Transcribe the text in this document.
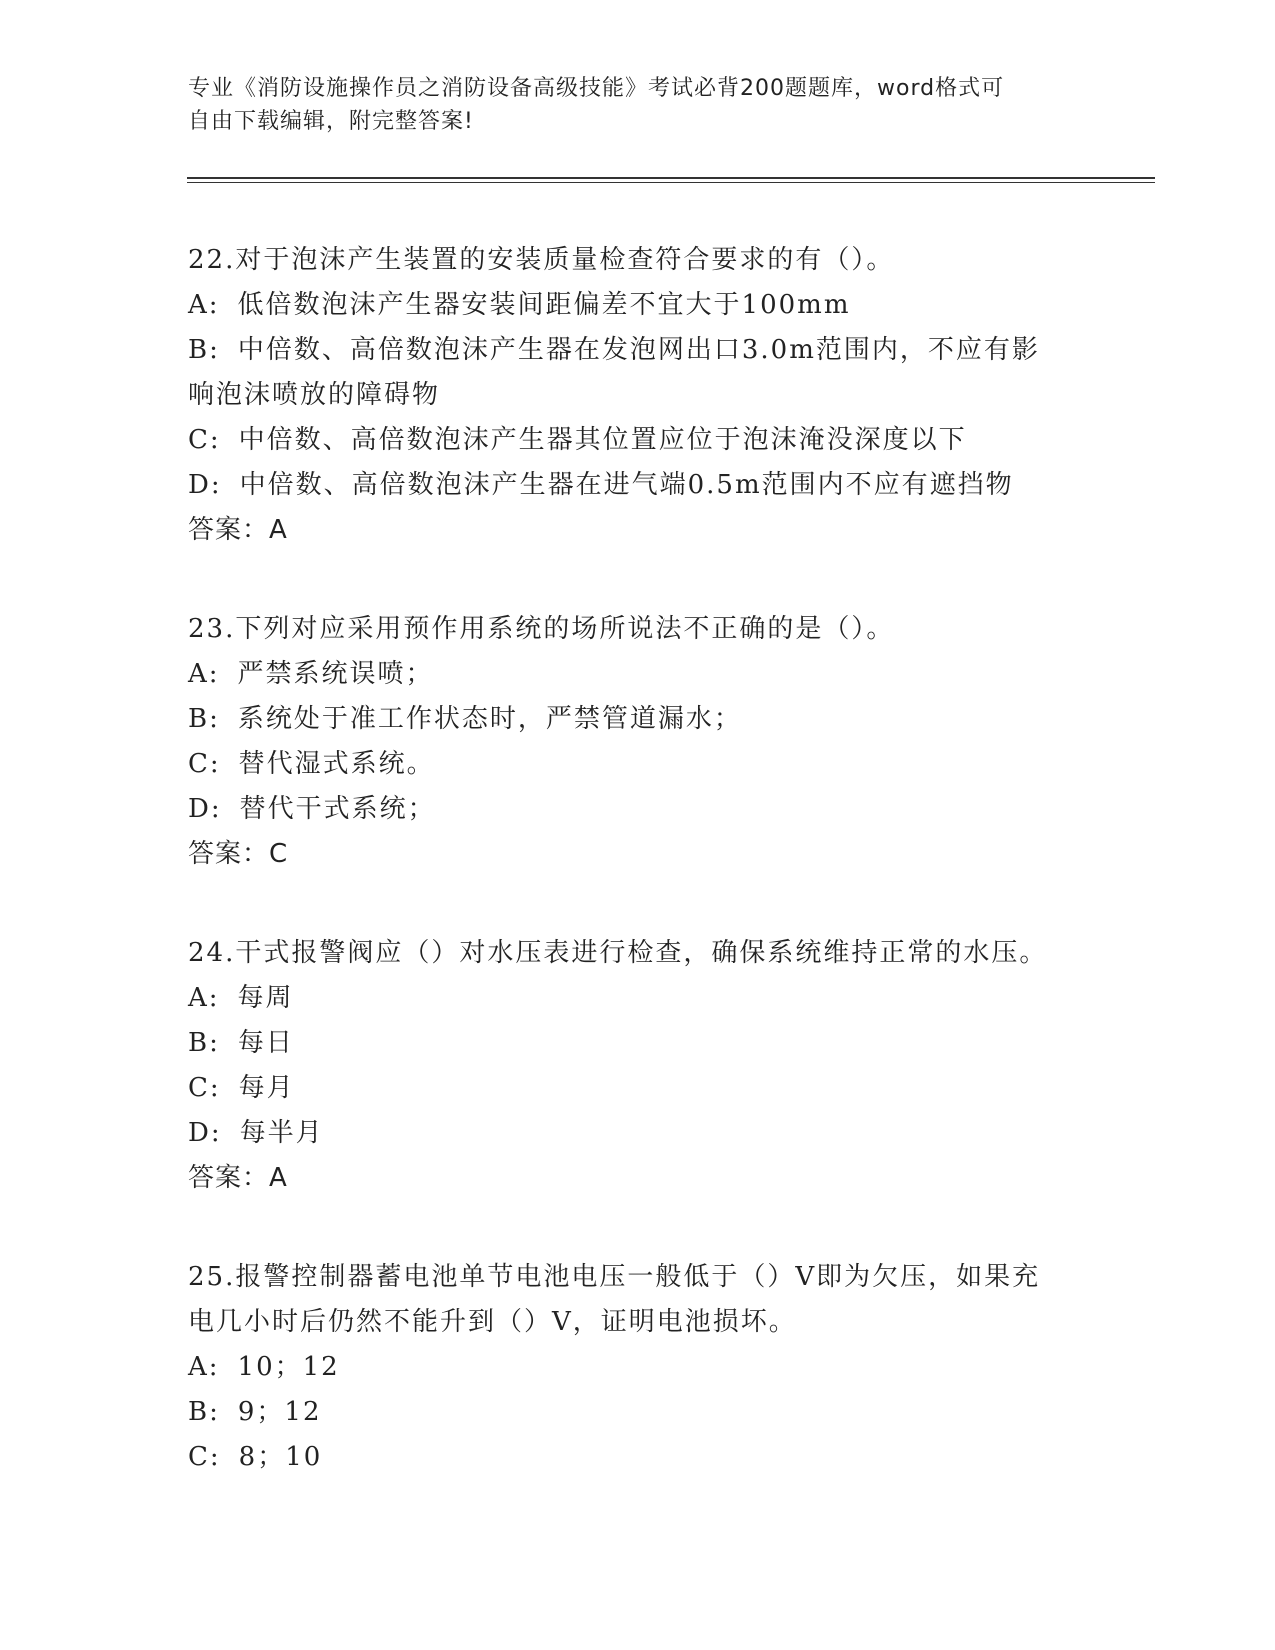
专业《消防设施操作员之消防设备高级技能》考试必背200题题库，word格式可
自由下载编辑，附完整答案!
22.对于泡沫产生装置的安装质量检查符合要求的有（）。
A: 低倍数泡沫产生器安装间距偏差不宜大于100mm
B: 中倍数、高倍数泡沫产生器在发泡网出口3.0m范围内，不应有影
响泡沫喷放的障碍物
C: 中倍数、高倍数泡沫产生器其位置应位于泡沫淹没深度以下
D: 中倍数、高倍数泡沫产生器在进气端0.5m范围内不应有遮挡物
答案：A
23.下列对应采用预作用系统的场所说法不正确的是（）。
A: 严禁系统误喷；
B: 系统处于准工作状态时，严禁管道漏水；
C: 替代湿式系统。
D: 替代干式系统；
答案：C
24.干式报警阀应（）对水压表进行检查，确保系统维持正常的水压。
A: 每周
B: 每日
C: 每月
D: 每半月
答案：A
25.报警控制器蓄电池单节电池电压一般低于（）V即为欠压，如果充
电几小时后仍然不能升到（）V，证明电池损坏。
A: 10；12
B: 9；12
C: 8；10
